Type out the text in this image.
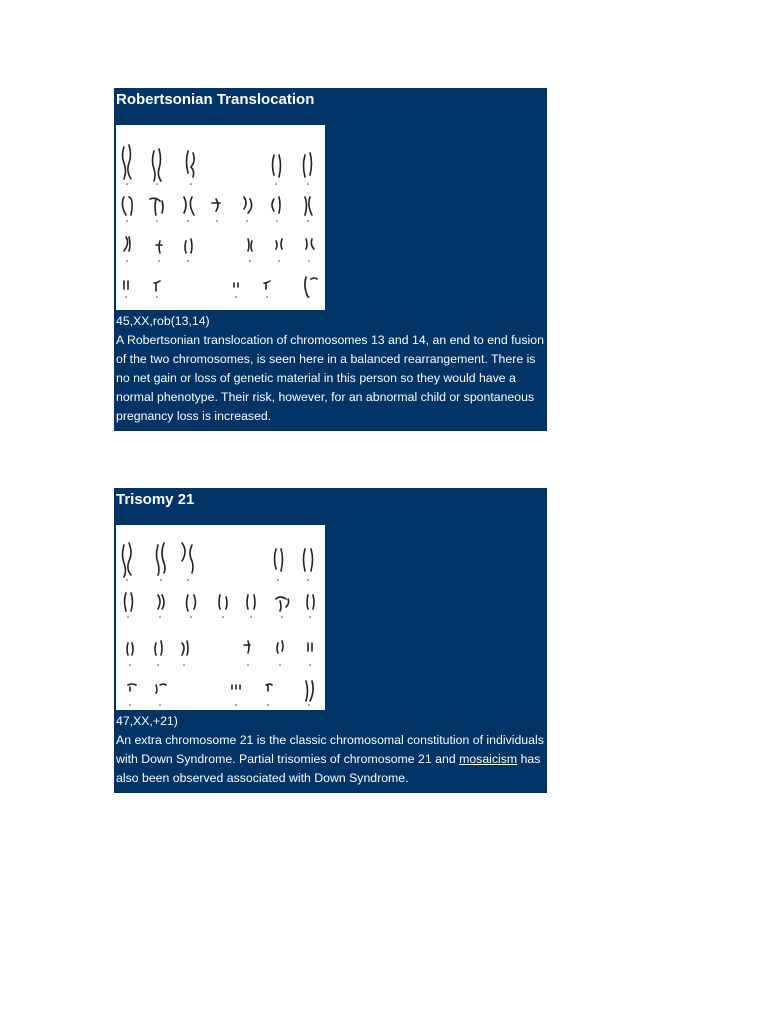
Robertsonian Translocation
45,XX,rob(13,14)
A Robertsonian translocation of chromosomes 13 and 14, an end to end fusion of the two chromosomes, is seen here in a balanced rearrangement. There is no net gain or loss of genetic material in this person so they would have a normal phenotype. Their risk, however, for an abnormal child or spontaneous pregnancy loss is increased.
Trisomy 21
47,XX,+21)
An extra chromosome 21 is the classic chromosomal constitution of individuals with Down Syndrome. Partial trisomies of chromosome 21 and mosaicism has also been observed associated with Down Syndrome.
